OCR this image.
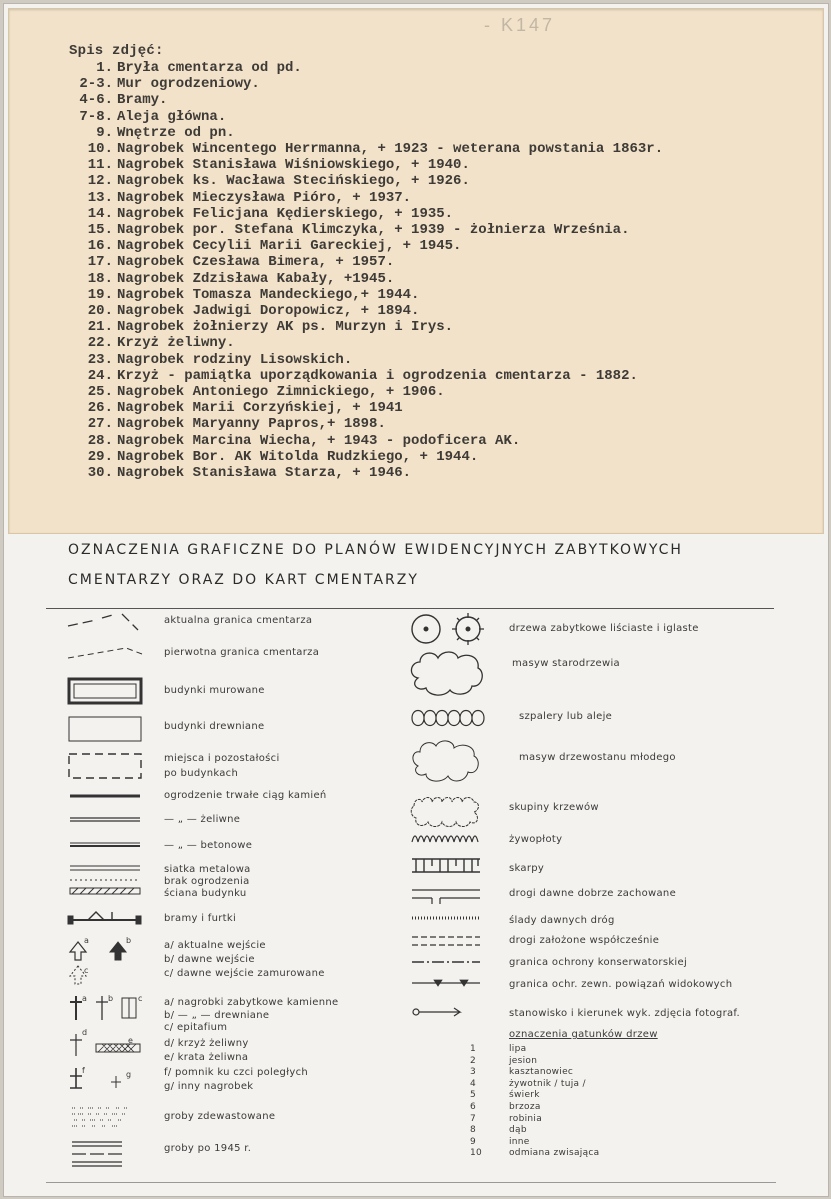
- K147
Spis zdjęć:
1. Bryła cmentarza od pd.
2-3. Mur ogrodzeniowy.
4-6. Bramy.
7-8. Aleja główna.
9. Wnętrze od pn.
10. Nagrobek Wincentego Herrmanna, + 1923 - weterana powstania 1863r.
11. Nagrobek Stanisława Wiśniowskiego, + 1940.
12. Nagrobek ks. Wacława Stecińskiego, + 1926.
13. Nagrobek Mieczysława Pióro, + 1937.
14. Nagrobek Felicjana Kędierskiego, + 1935.
15. Nagrobek por. Stefana Klimczyka, + 1939 - żołnierza Września.
16. Nagrobek Cecylii Marii Gareckiej, + 1945.
17. Nagrobek Czesława Bimera, + 1957.
18. Nagrobek Zdzisława Kabały, +1945.
19. Nagrobek Tomasza Mandeckiego,+ 1944.
20. Nagrobek Jadwigi Doropowicz, + 1894.
21. Nagrobek żołnierzy AK ps. Murzyn i Irys.
22. Krzyż żeliwny.
23. Nagrobek rodziny Lisowskich.
24. Krzyż - pamiątka uporządkowania i ogrodzenia cmentarza - 1882.
25. Nagrobek Antoniego Zimnickiego, + 1906.
26. Nagrobek Marii Corzyńskiej, + 1941
27. Nagrobek Maryanny Papros,+ 1898.
28. Nagrobek Marcina Wiecha, + 1943 - podoficera AK.
29. Nagrobek Bor. AK Witolda Rudzkiego, + 1944.
30. Nagrobek Stanisława Starza, + 1946.
OZNACZENIA GRAFICZNE DO PLANÓW EWIDENCYJNYCH ZABYTKOWYCH
CMENTARZY ORAZ DO KART CMENTARZY
aktualna granica cmentarza
pierwotna granica cmentarza
budynki murowane
budynki drewniane
miejsca i pozostałości
po budynkach
ogrodzenie trwałe ciąg kamień
— „ — żeliwne
— „ — betonowe
siatka metalowa
brak ogrodzenia
ściana budynku
bramy i furtki
a	b
c
a/ aktualne wejście
b/ dawne wejście
c/ dawne wejście zamurowane
a	b	c
d
e
f	g
a/ nagrobki zabytkowe kamienne
b/ — „ — drewniane
c/ epitafium
d/ krzyż żeliwny
e/ krata żeliwna
f/ pomnik ku czci poległych
g/ inny nagrobek
groby zdewastowane
groby po 1945 r.
drzewa zabytkowe liściaste i iglaste
masyw starodrzewia
szpalery lub aleje
masyw drzewostanu młodego
skupiny krzewów
żywopłoty
skarpy
drogi dawne dobrze zachowane
ślady dawnych dróg
drogi założone współcześnie
granica ochrony konserwatorskiej
granica ochr. zewn. powiązań widokowych
stanowisko i kierunek wyk. zdjęcia fotograf.
oznaczenia gatunków drzew
1	lipa
2	jesion
3	kasztanowiec
4	żywotnik / tuja /
5	świerk
6	brzoza
7	robinia
8	dąb
9	inne
10	odmiana zwisająca
